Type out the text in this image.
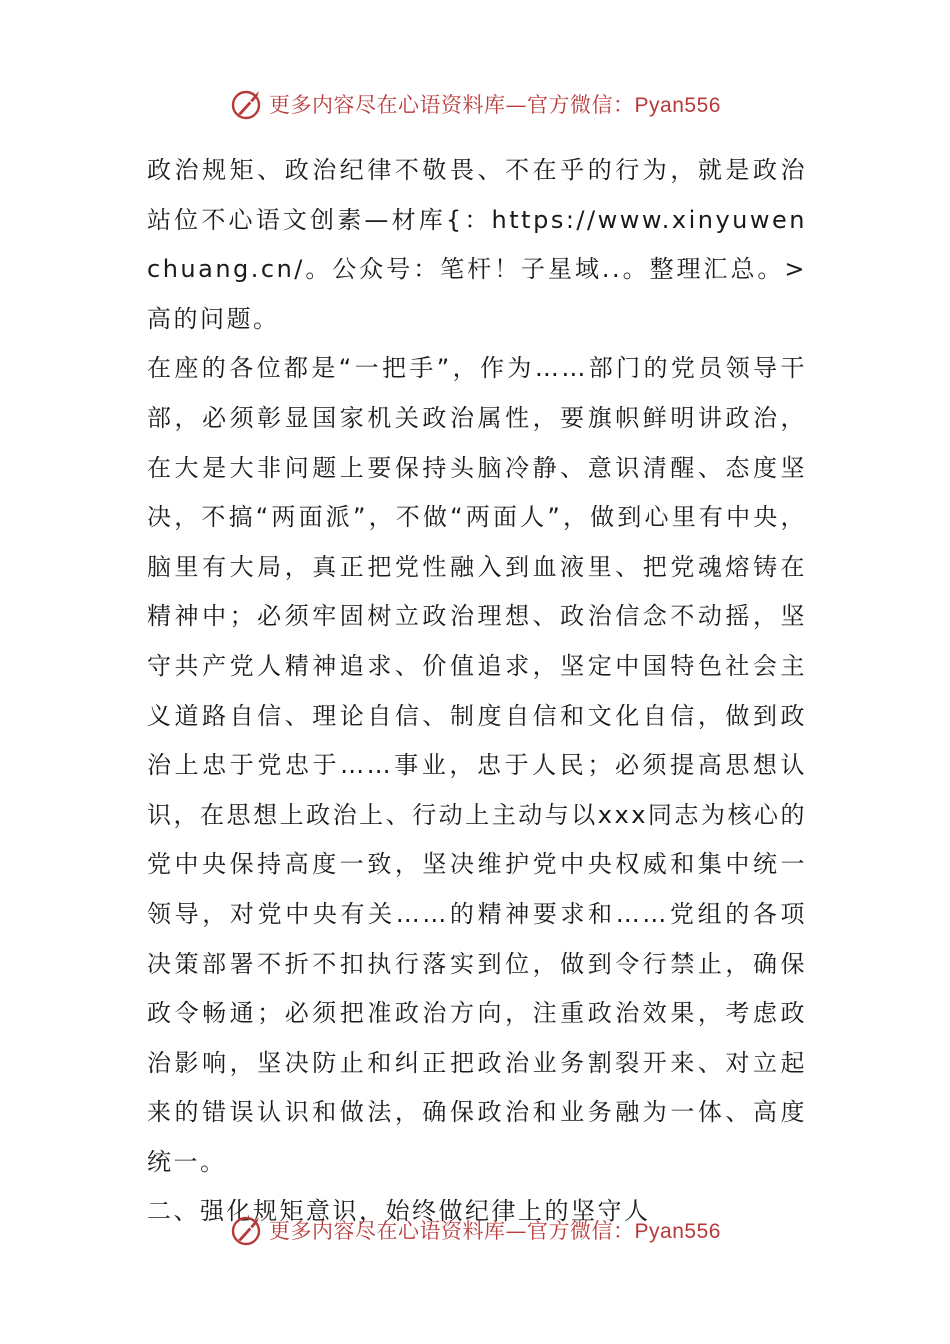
更多内容尽在心语资料库—官方微信：Pyan556

政治规矩、政治纪律不敬畏、不在乎的行为，就是政治站位不心语文创素—材库{：https://www.xinyuwenchuang.cn/。公众号：笔杆！子星域..。整理汇总。>高的问题。

在座的各位都是“一把手”，作为……部门的党员领导干部，必须彰显国家机关政治属性，要旗帜鲜明讲政治，在大是大非问题上要保持头脑冷静、意识清醒、态度坚决，不搞“两面派”，不做“两面人”，做到心里有中央，脑里有大局，真正把党性融入到血液里、把党魂熔铸在精神中；必须牢固树立政治理想、政治信念不动摇，坚守共产党人精神追求、价值追求，坚定中国特色社会主义道路自信、理论自信、制度自信和文化自信，做到政治上忠于党忠于……事业，忠于人民；必须提高思想认识，在思想上政治上、行动上主动与以xxx同志为核心的党中央保持高度一致，坚决维护党中央权威和集中统一领导，对党中央有关……的精神要求和……党组的各项决策部署不折不扣执行落实到位，做到令行禁止，确保政令畅通；必须把准政治方向，注重政治效果，考虑政治影响，坚决防止和纠正把政治业务割裂开来、对立起来的错误认识和做法，确保政治和业务融为一体、高度统一。

二、强化规矩意识，始终做纪律上的坚守人

更多内容尽在心语资料库—官方微信：Pyan556
